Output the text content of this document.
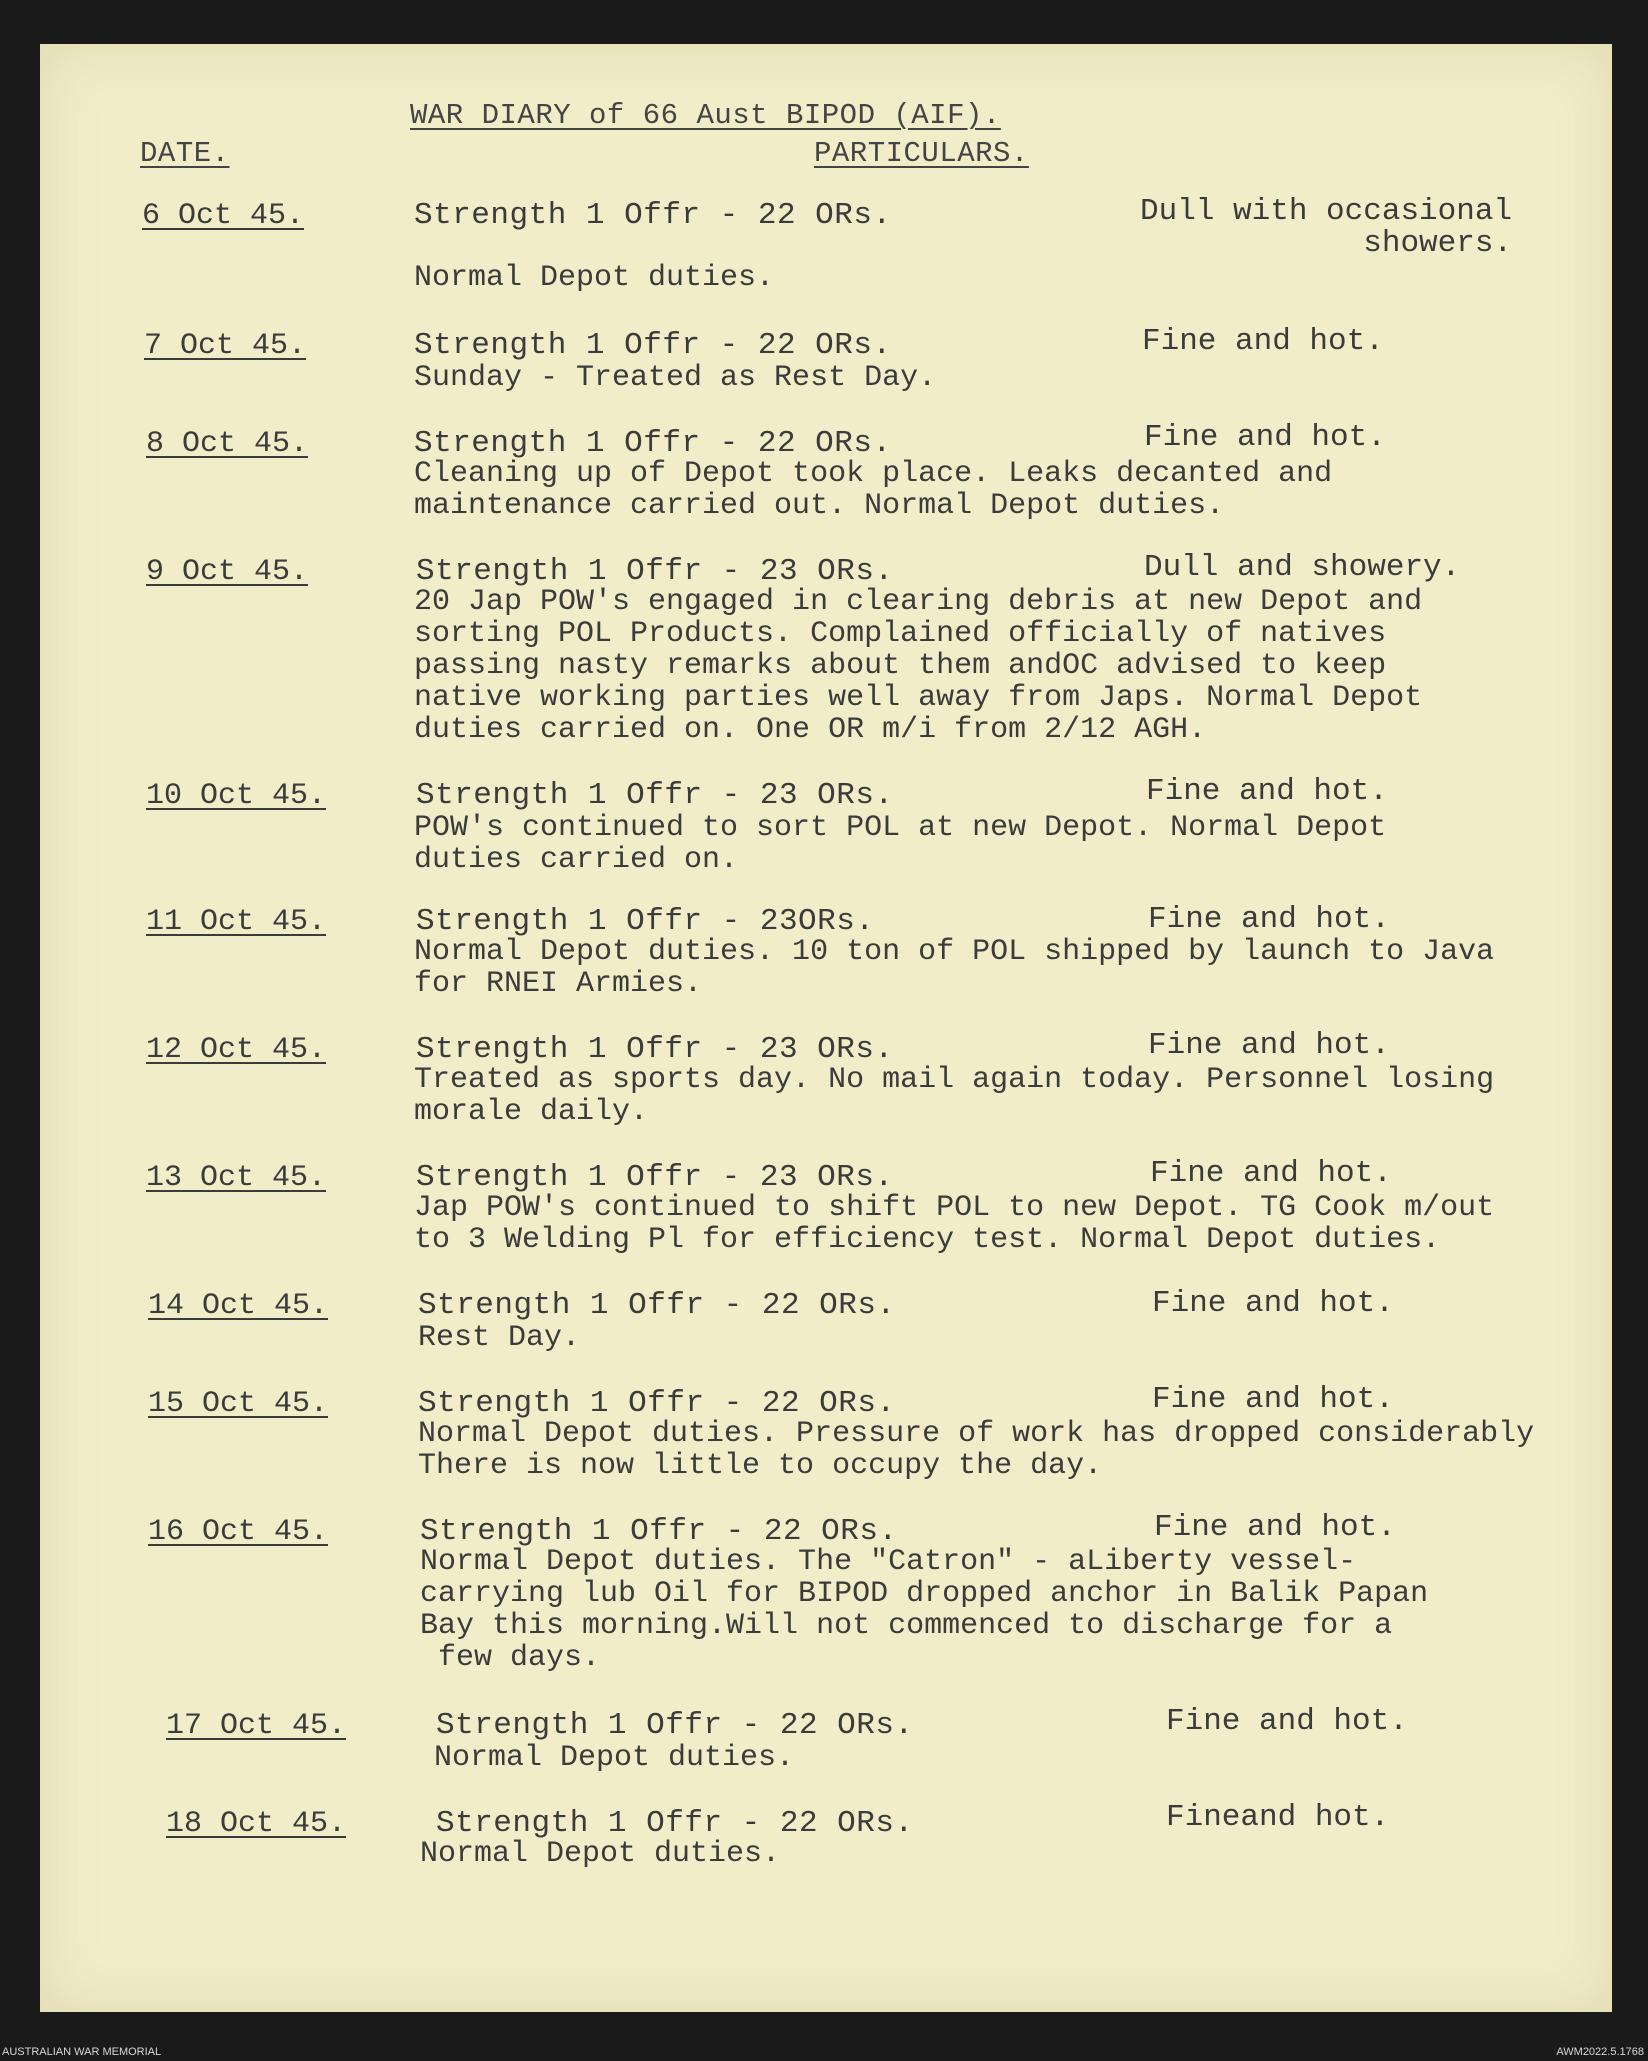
WAR DIARY of 66 Aust BIPOD (AIF).
DATE.	PARTICULARS.
6 Oct 45.	Strength 1 Offr - 22 ORs.	Dull with occasional
showers.

Normal Depot duties.
7 Oct 45.	Strength 1 Offr - 22 ORs.	Fine and hot.
Sunday - Treated as Rest Day.
8 Oct 45.	Strength 1 Offr - 22 ORs.	Fine and hot.
Cleaning up of Depot took place. Leaks decanted and
maintenance carried out. Normal Depot duties.
9 Oct 45.	Strength 1 Offr - 23 ORs.	Dull and showery.
20 Jap POW's engaged in clearing debris at new Depot and
sorting POL Products. Complained officially of natives
passing nasty remarks about them andOC advised to keep
native working parties well away from Japs. Normal Depot
duties carried on. One OR m/i from 2/12 AGH.
10 Oct 45.	Strength 1 Offr - 23 ORs.	Fine and hot.
POW's continued to sort POL at new Depot. Normal Depot
duties carried on.
11 Oct 45.	Strength 1 Offr - 23ORs.	Fine and hot.
Normal Depot duties. 10 ton of POL shipped by launch to Java
for RNEI Armies.
12 Oct 45.	Strength 1 Offr - 23 ORs.	Fine and hot.
Treated as sports day. No mail again today. Personnel losing
morale daily.
13 Oct 45.	Strength 1 Offr - 23 ORs.	Fine and hot.
Jap POW's continued to shift POL to new Depot. TG Cook m/out
to 3 Welding Pl for efficiency test. Normal Depot duties.
14 Oct 45.	Strength 1 Offr - 22 ORs.	Fine and hot.
Rest Day.
15 Oct 45.	Strength 1 Offr - 22 ORs.	Fine and hot.
Normal Depot duties. Pressure of work has dropped considerably
There is now little to occupy the day.
16 Oct 45.	Strength 1 Offr - 22 ORs.	Fine and hot.
Normal Depot duties. The "Catron" - aLiberty vessel-
carrying lub Oil for BIPOD dropped anchor in Balik Papan
Bay this morning.Will not commenced to discharge for a
few days.
17 Oct 45.	Strength 1 Offr - 22 ORs.	Fine and hot.
Normal Depot duties.
18 Oct 45.	Strength 1 Offr - 22 ORs.	Fineand hot.
Normal Depot duties.
AUSTRALIAN WAR MEMORIAL	AWM2022.5.1768
